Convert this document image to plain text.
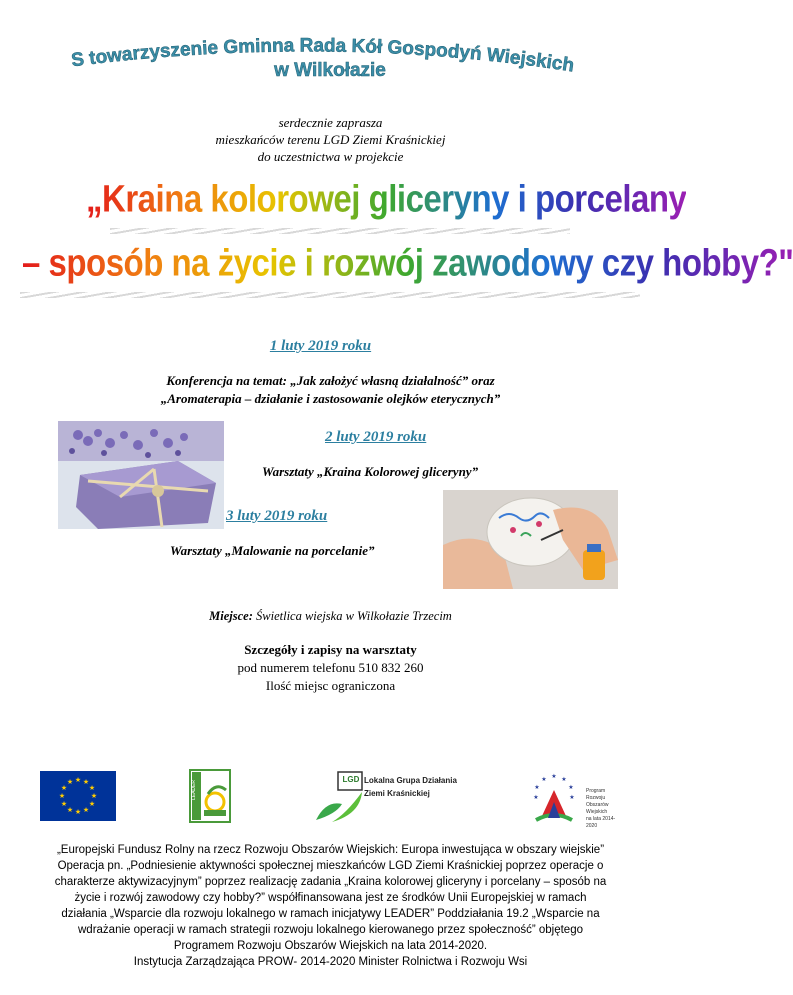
S towarzyszenie Gminna Rada Kół Gospodyń Wiejskich
w Wilkołazie
serdecznie zaprasza
mieszkańców terenu LGD Ziemi Kraśnickiej
do uczestnictwa w projekcie
„Kraina kolorowej gliceryny i porcelany
– sposób na życie i rozwój zawodowy czy hobby?"
1 luty 2019 roku
Konferencja na temat: „Jak założyć własną działalność” oraz
„Aromaterapia – działanie i zastosowanie olejków eterycznych”
2 luty 2019 roku
Warsztaty „Kraina Kolorowej gliceryny”
3 luty 2019 roku
Warsztaty „Malowanie na porcelanie”
Miejsce: Świetlica wiejska w Wilkołazie Trzecim
Szczegóły i zapisy na warsztaty
pod numerem telefonu 510 832 260
Ilość miejsc ograniczona
★ ★
★
★
★
★
★
★
★
★
★
★	LEADER
LGD Lokalna Grupa Działania
Ziemi Kraśnickiej
★ ★
★
★
★
★
★
Program
Rozwoju
Obszarów
Wiejskich
na lata 2014-2020
„Europejski Fundusz Rolny na rzecz Rozwoju Obszarów Wiejskich: Europa inwestująca w obszary wiejskie”
Operacja pn. „Podniesienie aktywności społecznej mieszkańców LGD Ziemi Kraśnickiej poprzez operacje o
charakterze aktywizacyjnym” poprzez realizację zadania „Kraina kolorowej gliceryny i porcelany – sposób na
życie i rozwój zawodowy czy hobby?” współfinansowana jest ze środków Unii Europejskiej w ramach
działania „Wsparcie dla rozwoju lokalnego w ramach inicjatywy LEADER” Poddziałania 19.2 „Wsparcie na
wdrażanie operacji w ramach strategii rozwoju lokalnego kierowanego przez społeczność” objętego
Programem Rozwoju Obszarów Wiejskich na lata 2014-2020.
Instytucja Zarządzająca PROW- 2014-2020 Minister Rolnictwa i Rozwoju Wsi
